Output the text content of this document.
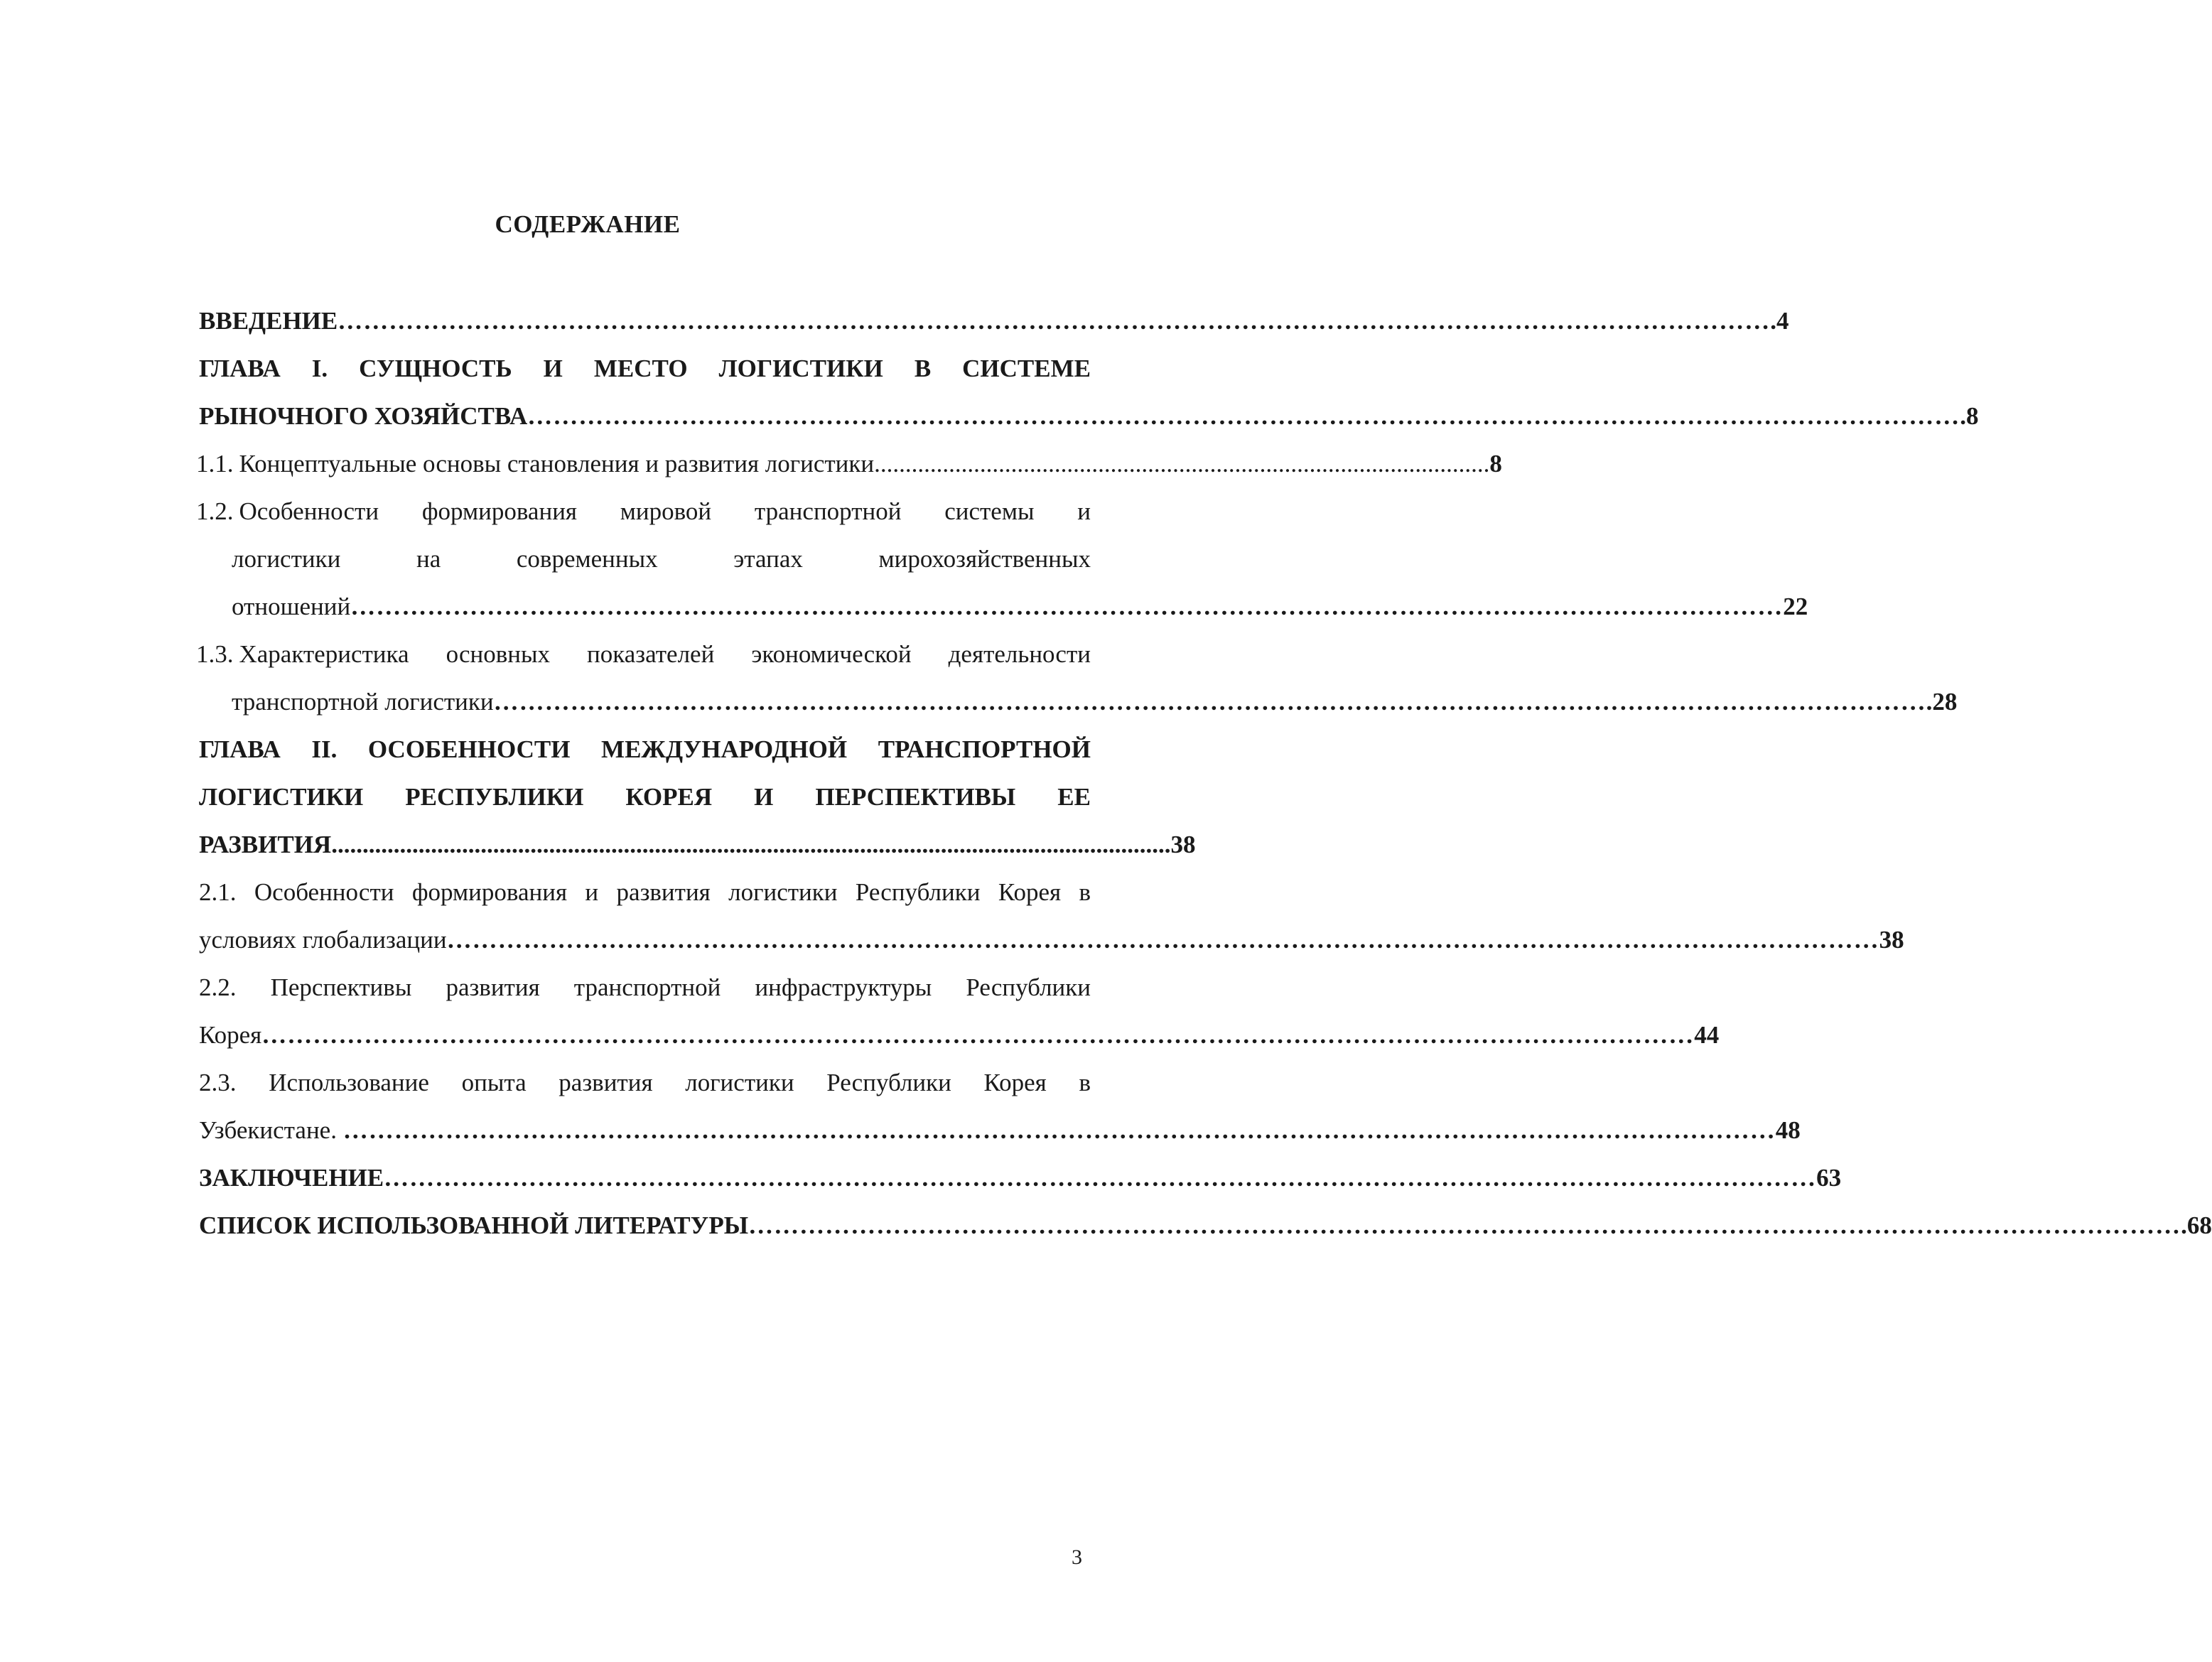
СОДЕРЖАНИЕ
ВВЕДЕНИЕ …………………………………………………………………………………………………………………………………………………… .4
ГЛАВА I. СУЩНОСТЬ И МЕСТО ЛОГИСТИКИ В СИСТЕМЕ
РЫНОЧНОГО ХОЗЯЙСТВА …………………………………………………………………………………………………………………………………………………… .8
1.1. Концептуальные основы становления и развития логистики ................................................................................................... 8
1.2. Особенности формирования мировой транспортной системы и
логистики на современных этапах мирохозяйственных
отношений …………………………………………………………………………………………………………………………………………………… 22
1.3. Характеристика основных показателей экономической деятельности
транспортной логистики …………………………………………………………………………………………………………………………………………………… .28
ГЛАВА II. ОСОБЕННОСТИ МЕЖДУНАРОДНОЙ ТРАНСПОРТНОЙ
ЛОГИСТИКИ РЕСПУБЛИКИ КОРЕЯ И ПЕРСПЕКТИВЫ ЕЕ
РАЗВИТИЯ ....................................................................................................................................... 38
2.1. Особенности формирования и развития логистики Республики Корея в
условиях глобализации …………………………………………………………………………………………………………………………………………………… 38
2.2. Перспективы развития транспортной инфраструктуры Республики
Корея …………………………………………………………………………………………………………………………………………………… 44
2.3. Использование опыта развития логистики Республики Корея в
Узбекистане. …………………………………………………………………………………………………………………………………………………… 48
ЗАКЛЮЧЕНИЕ …………………………………………………………………………………………………………………………………………………… 63
СПИСОК ИСПОЛЬЗОВАННОЙ ЛИТЕРАТУРЫ …………………………………………………………………………………………………………………………………………………… .68
3
